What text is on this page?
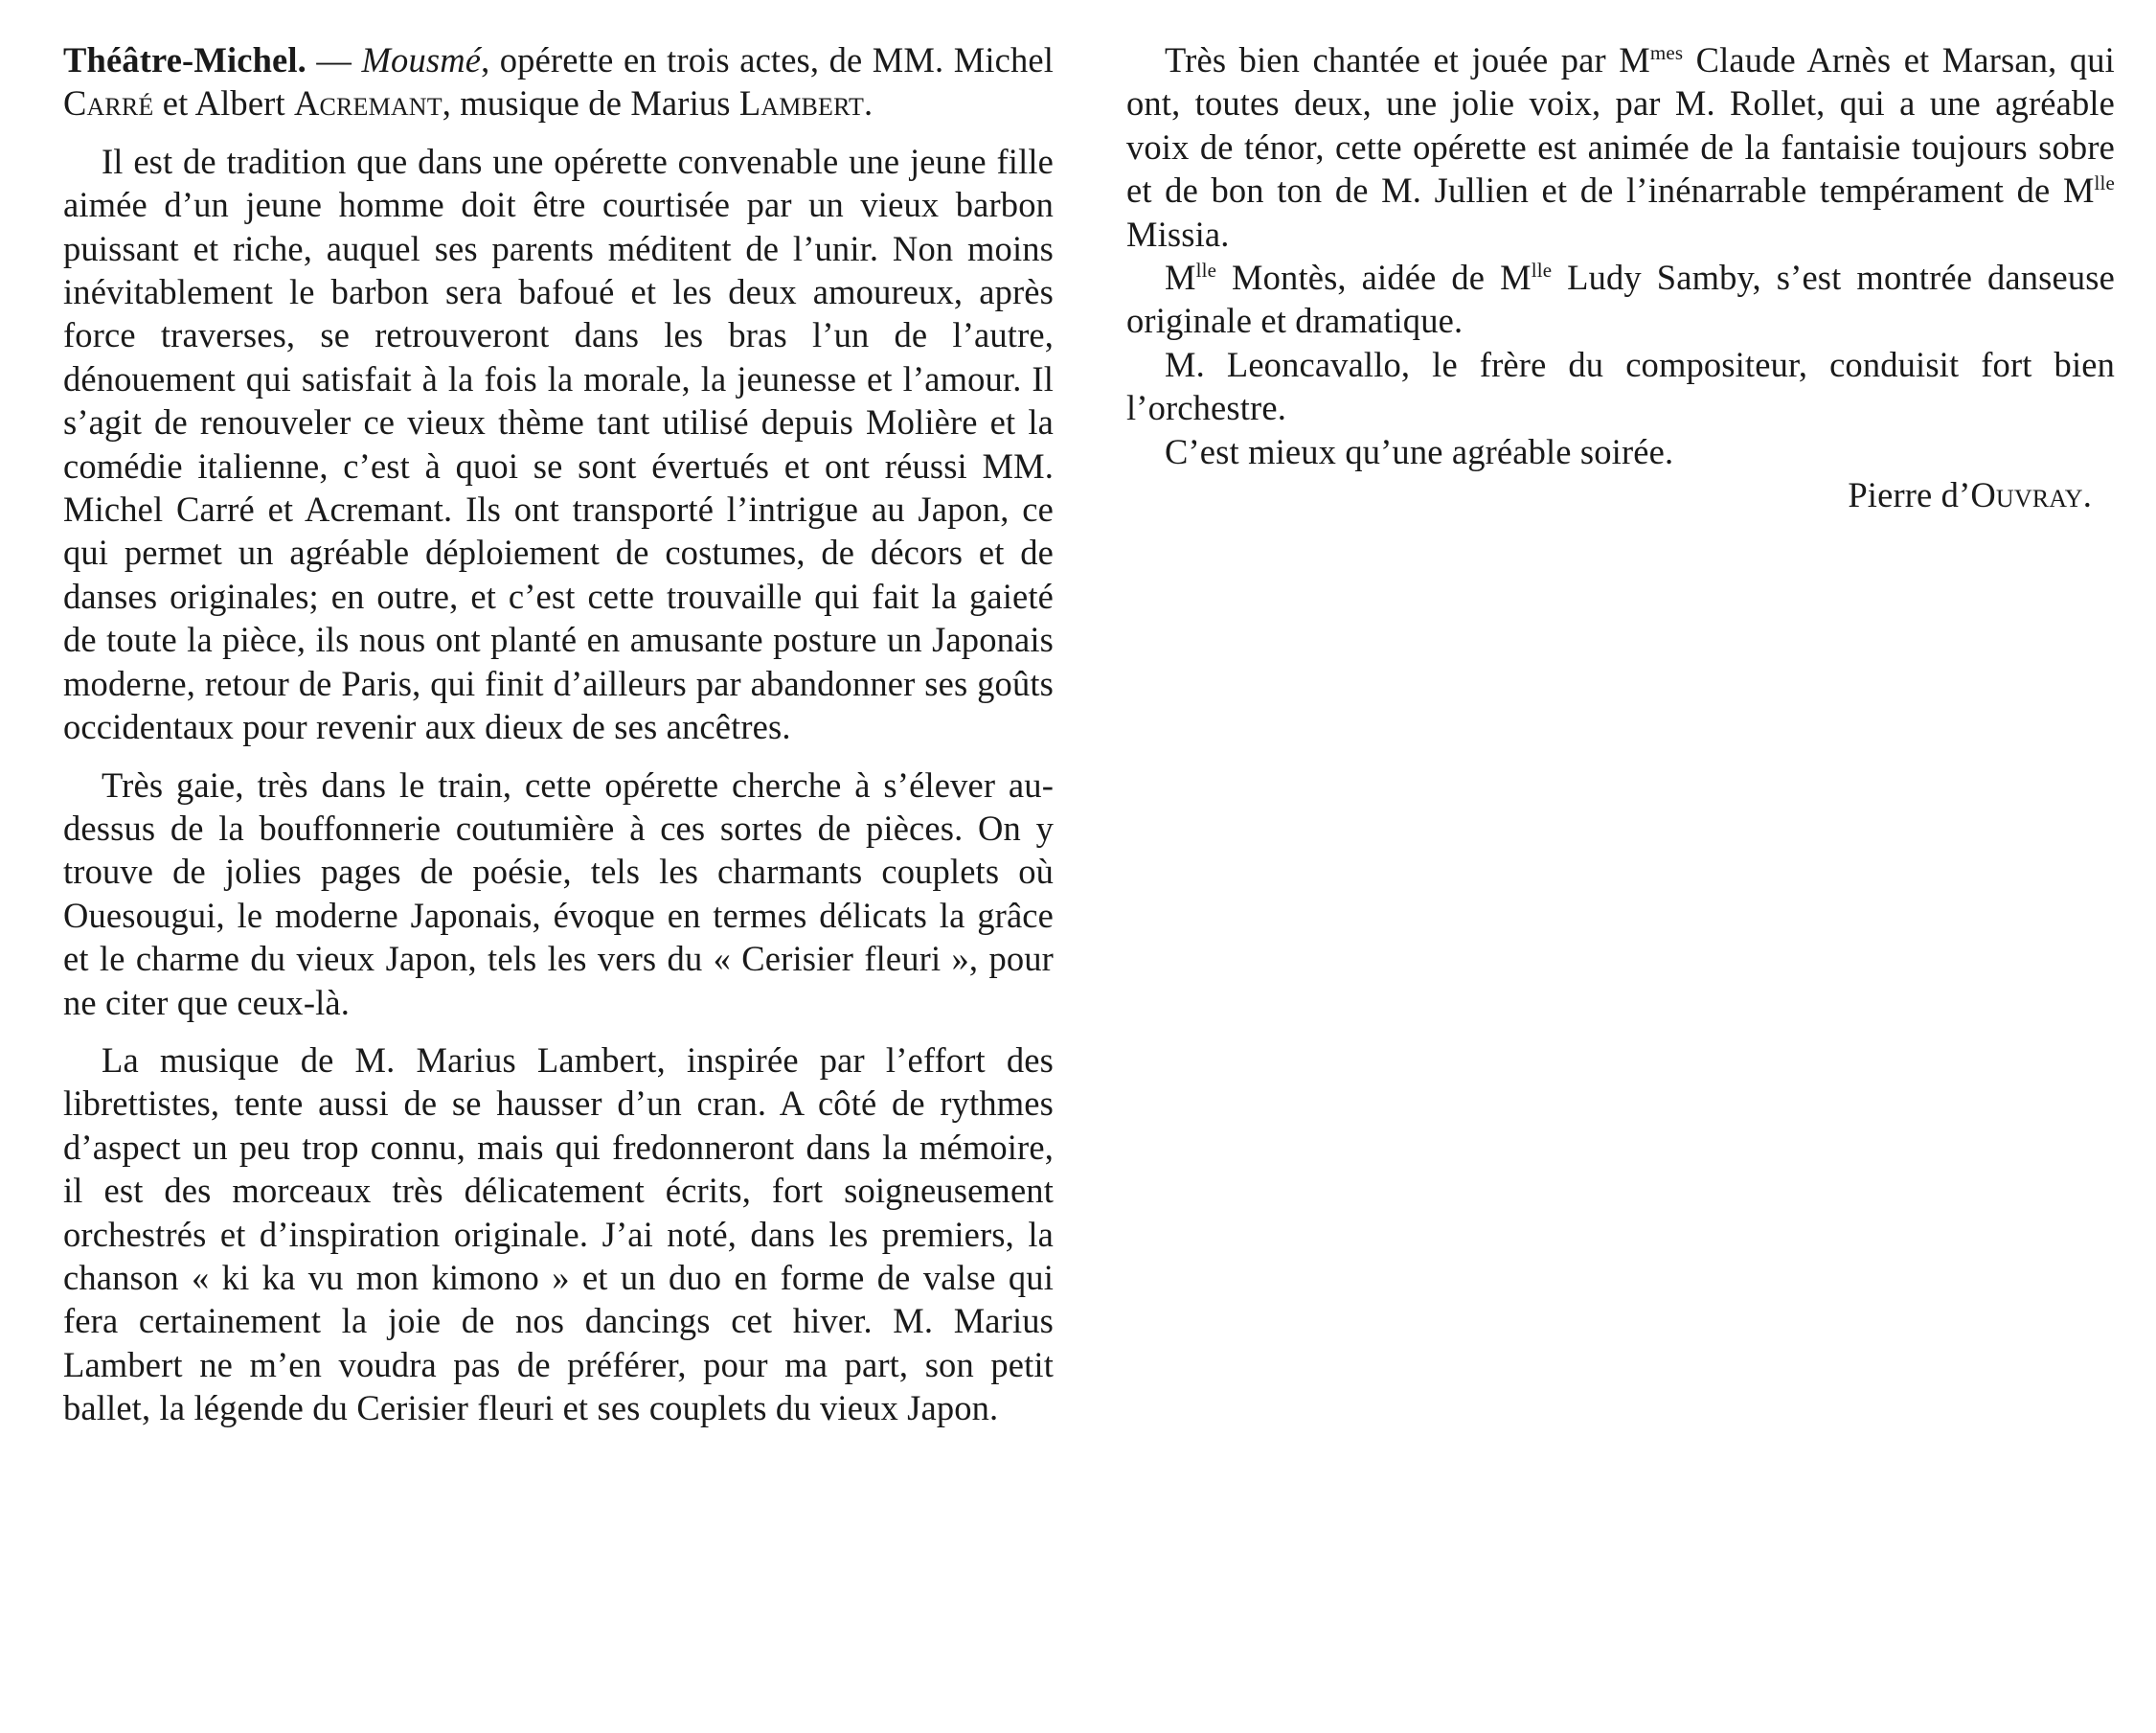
Théâtre-Michel. — Mousmé, opérette en trois actes, de MM. Michel Carré et Albert Acremant, musique de Marius Lambert.

Il est de tradition que dans une opérette convenable une jeune fille aimée d’un jeune homme doit être courtisée par un vieux barbon puissant et riche, auquel ses parents méditent de l’unir. Non moins inévitablement le barbon sera bafoué et les deux amoureux, après force traverses, se retrouveront dans les bras l’un de l’autre, dénouement qui satisfait à la fois la morale, la jeunesse et l’amour. Il s’agit de renouveler ce vieux thème tant utilisé depuis Molière et la comédie italienne, c’est à quoi se sont évertués et ont réussi MM. Michel Carré et Acremant. Ils ont transporté l’intrigue au Japon, ce qui permet un agréable déploiement de costumes, de décors et de danses originales; en outre, et c’est cette trouvaille qui fait la gaieté de toute la pièce, ils nous ont planté en amusante posture un Japonais moderne, retour de Paris, qui finit d’ailleurs par abandonner ses goûts occidentaux pour revenir aux dieux de ses ancêtres.

Très gaie, très dans le train, cette opérette cherche à s’élever au-dessus de la bouffonnerie coutumière à ces sortes de pièces. On y trouve de jolies pages de poésie, tels les charmants couplets où Ouesougui, le moderne Japonais, évoque en termes délicats la grâce et le charme du vieux Japon, tels les vers du « Cerisier fleuri », pour ne citer que ceux-là.

La musique de M. Marius Lambert, inspirée par l’effort des librettistes, tente aussi de se hausser d’un cran. A côté de rythmes d’aspect un peu trop connu, mais qui fredonneront dans la mémoire, il est des morceaux très délicatement écrits, fort soigneusement orchestrés et d’inspiration originale. J’ai noté, dans les premiers, la chanson « ki ka vu mon kimono » et un duo en forme de valse qui fera certainement la joie de nos dancings cet hiver. M. Marius Lambert ne m’en voudra pas de préférer, pour ma part, son petit ballet, la légende du Cerisier fleuri et ses couplets du vieux Japon.

Très bien chantée et jouée par $M^{mes}$ Claude Arnès et Marsan, qui ont, toutes deux, une jolie voix, par M. Rollet, qui a une agréable voix de ténor, cette opérette est animée de la fantaisie toujours sobre et de bon ton de M. Jullien et de l’inénarrable tempérament de $M^{lle}$ Missia.

$M^{lle}$ Montès, aidée de $M^{lle}$ Ludy Samby, s’est montrée danseuse originale et dramatique.

M. Leoncavallo, le frère du compositeur, conduisit fort bien l’orchestre.

C’est mieux qu’une agréable soirée.

Pierre d’Ouvray.
